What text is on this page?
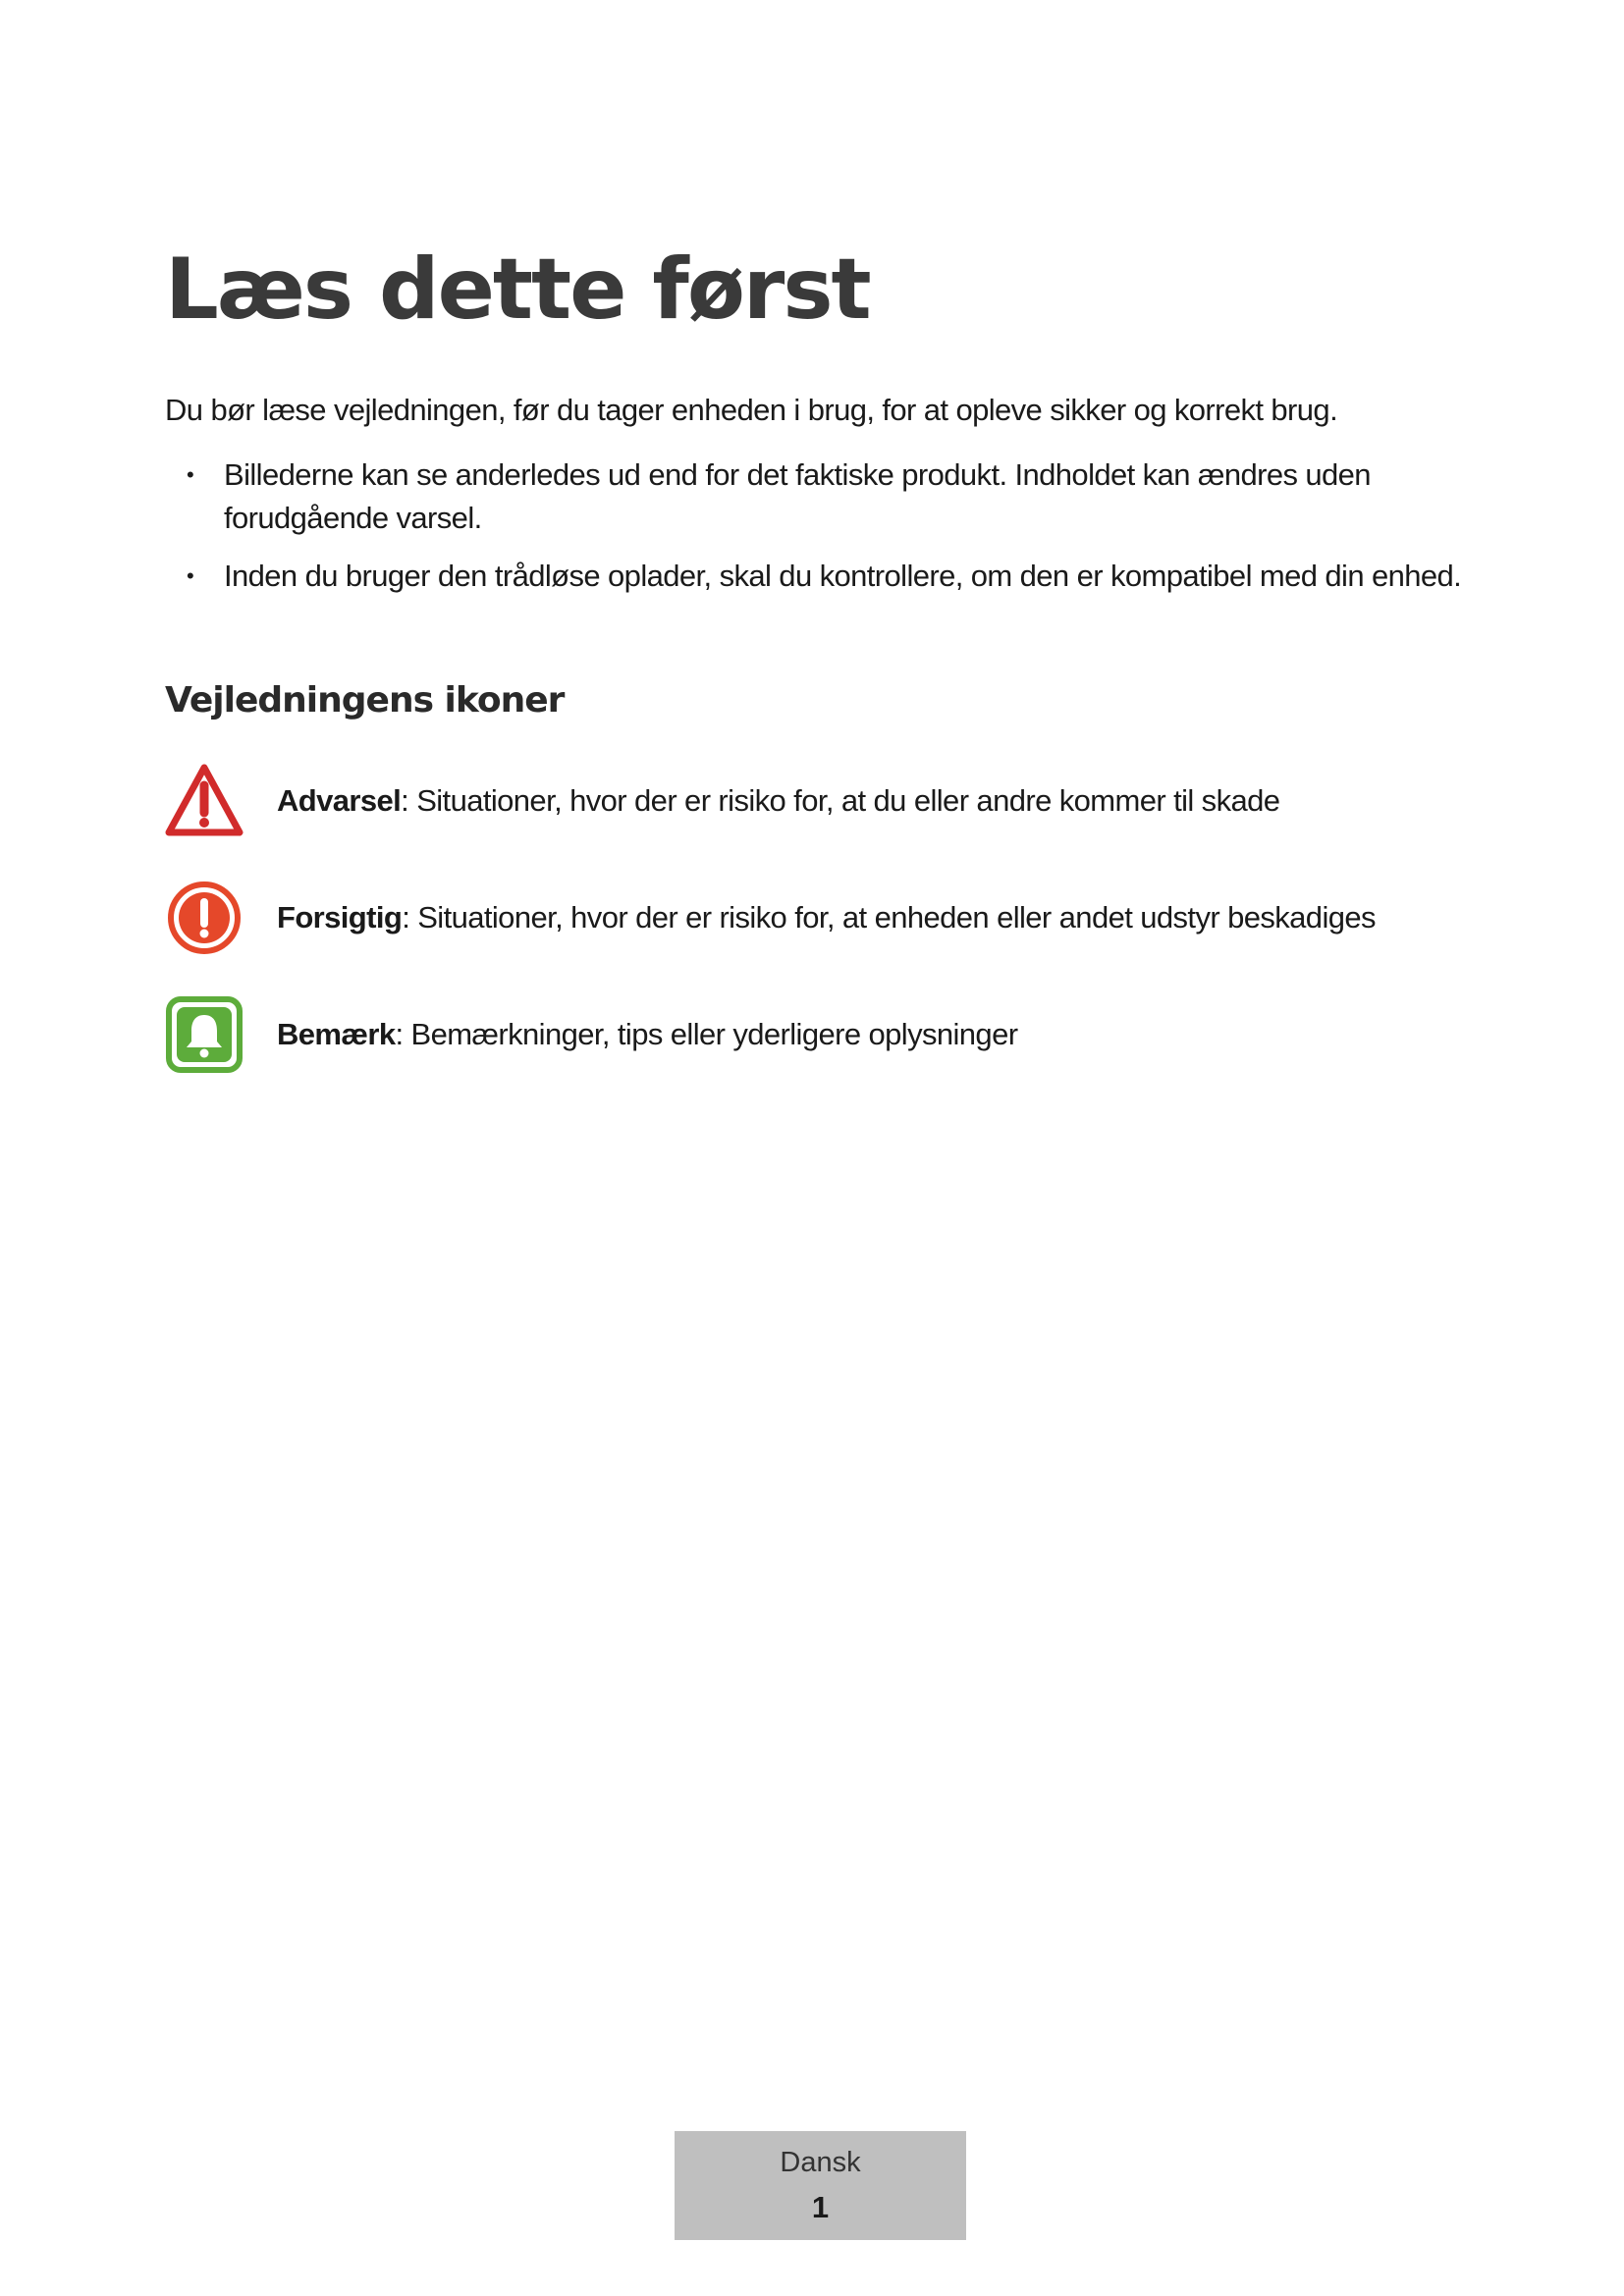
Læs dette først

Du bør læse vejledningen, før du tager enheden i brug, for at opleve sikker og korrekt brug.

• Billederne kan se anderledes ud end for det faktiske produkt. Indholdet kan ændres uden forudgående varsel.
• Inden du bruger den trådløse oplader, skal du kontrollere, om den er kompatibel med din enhed.
Vejledningens ikoner
Advarsel: Situationer, hvor der er risiko for, at du eller andre kommer til skade
Forsigtig: Situationer, hvor der er risiko for, at enheden eller andet udstyr beskadiges
Bemærk: Bemærkninger, tips eller yderligere oplysninger
Dansk
1
